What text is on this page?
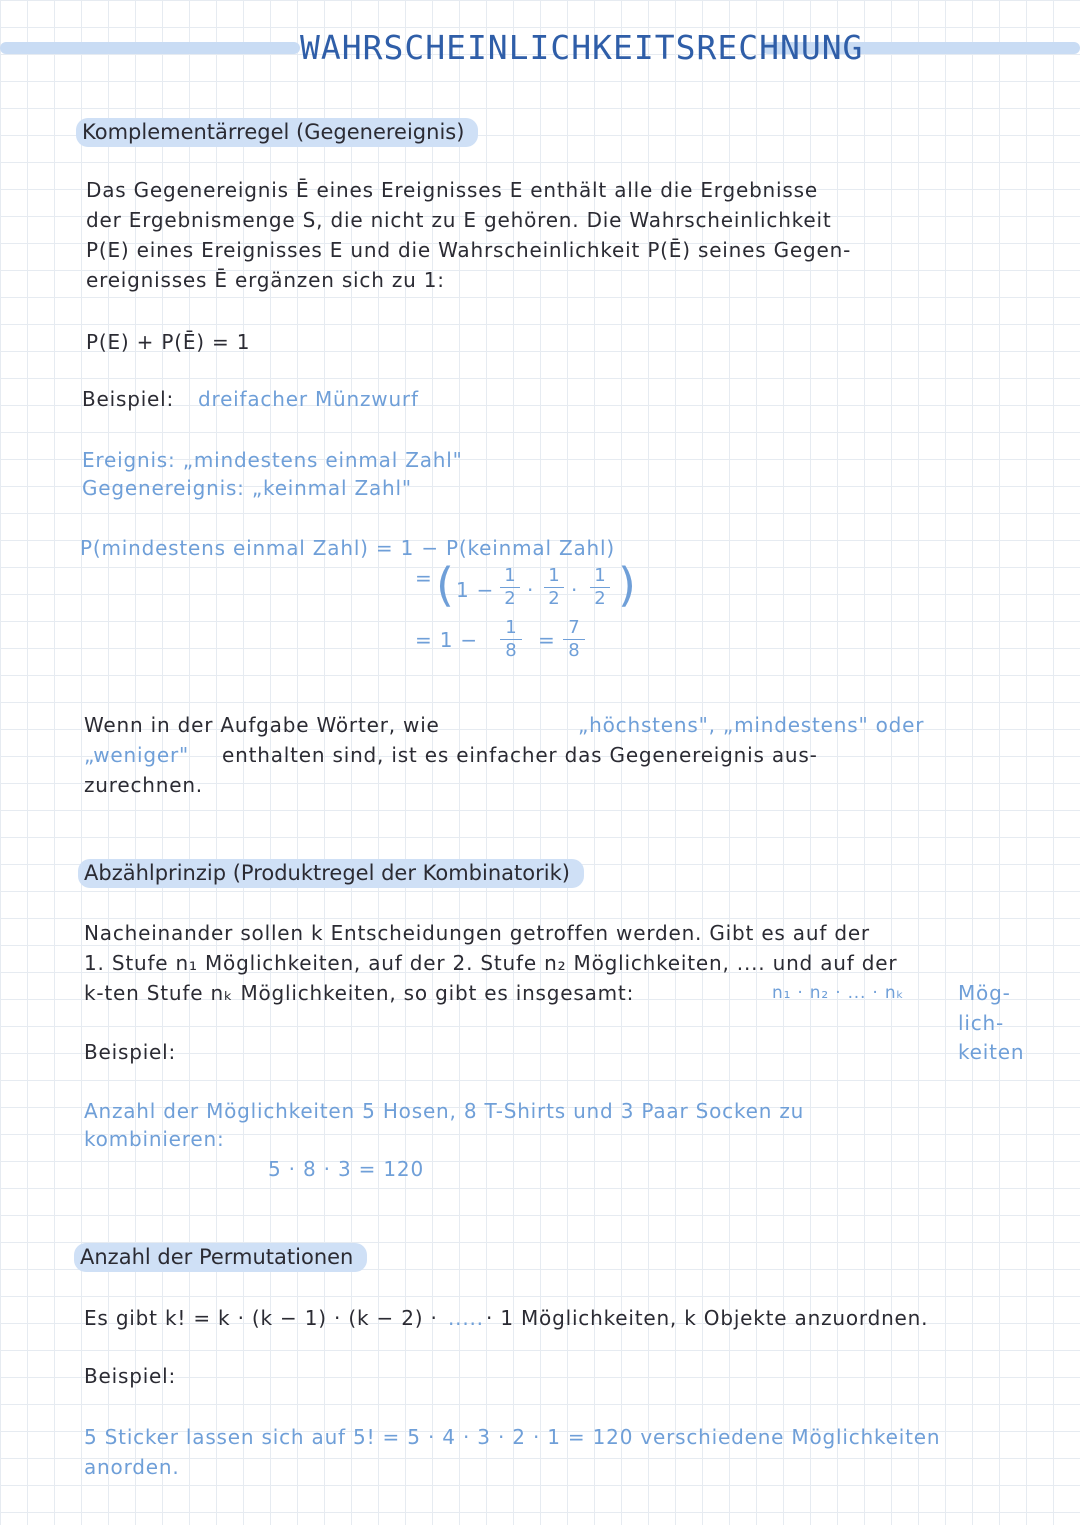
WAHRSCHEINLICHKEITSRECHNUNG
Komplementärregel (Gegenereignis)
Das Gegenereignis Ē eines Ereignisses E enthält alle die Ergebnisse
der Ergebnismenge S, die nicht zu E gehören. Die Wahrscheinlichkeit
P(E) eines Ereignisses E und die Wahrscheinlichkeit P(Ē) seines Gegen-
ereignisses Ē ergänzen sich zu 1:
P(E) + P(Ē) = 1
Beispiel: dreifacher Münzwurf
Ereignis: „mindestens einmal Zahl"
Gegenereignis: „keinmal Zahl"
P(mindestens einmal Zahl) = 1 − P(keinmal Zahl)
= ( 1 −
1
2 ·
1
2 ·
1
2 )
= 1 −
1
8 =
7
8
Wenn in der Aufgabe Wörter, wie	„höchstens", „mindestens" oder
„weniger" enthalten sind, ist es einfacher das Gegenereignis aus-
zurechnen.
Abzählprinzip (Produktregel der Kombinatorik)
Nacheinander sollen k Entscheidungen getroffen werden. Gibt es auf der
1. Stufe n₁ Möglichkeiten, auf der 2. Stufe n₂ Möglichkeiten, .... und auf der
k-ten Stufe nₖ Möglichkeiten, so gibt es insgesamt:	n₁ · n₂ · ... · nₖ	Mög-
lich-
keiten
Beispiel:
Anzahl der Möglichkeiten 5 Hosen, 8 T-Shirts und 3 Paar Socken zu
kombinieren:
5 · 8 · 3 = 120
Anzahl der Permutationen
Es gibt k! = k · (k − 1) · (k − 2) · ..... · 1 Möglichkeiten, k Objekte anzuordnen.
Beispiel:
5 Sticker lassen sich auf 5! = 5 · 4 · 3 · 2 · 1 = 120 verschiedene Möglichkeiten
anorden.
